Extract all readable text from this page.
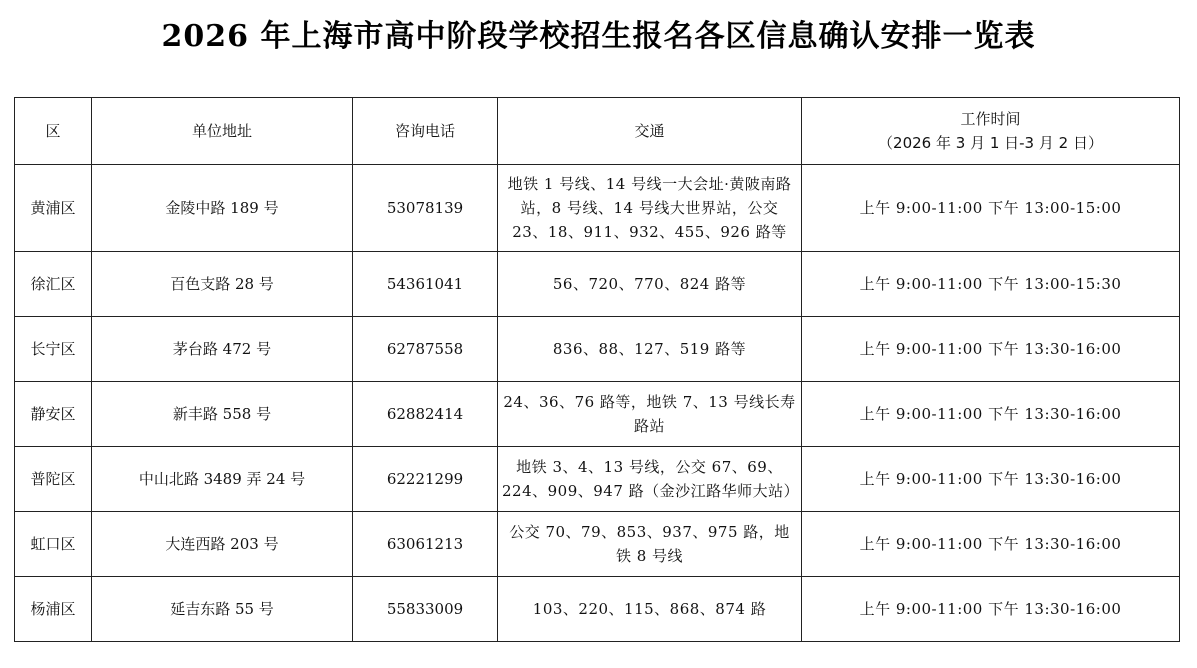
2026 年上海市高中阶段学校招生报名各区信息确认安排一览表
区	单位地址	咨询电话	交通	工作时间
（2026 年 3 月 1 日-3 月 2 日）

黄浦区	金陵中路 189 号	53078139	地铁 1 号线、14 号线一大会址·黄陂南路站，8 号线、14 号线大世界站，公交 23、18、911、932、455、926 路等	上午 9:00-11:00 下午 13:00-15:00
徐汇区	百色支路 28 号	54361041	56、720、770、824 路等	上午 9:00-11:00 下午 13:00-15:30
长宁区	茅台路 472 号	62787558	836、88、127、519 路等	上午 9:00-11:00 下午 13:30-16:00
静安区	新丰路 558 号	62882414	24、36、76 路等，地铁 7、13 号线长寿路站	上午 9:00-11:00 下午 13:30-16:00
普陀区	中山北路 3489 弄 24 号	62221299	地铁 3、4、13 号线，公交 67、69、224、909、947 路（金沙江路华师大站）	上午 9:00-11:00 下午 13:30-16:00
虹口区	大连西路 203 号	63061213	公交 70、79、853、937、975 路，地铁 8 号线	上午 9:00-11:00 下午 13:30-16:00
杨浦区	延吉东路 55 号	55833009	103、220、115、868、874 路	上午 9:00-11:00 下午 13:30-16:00
